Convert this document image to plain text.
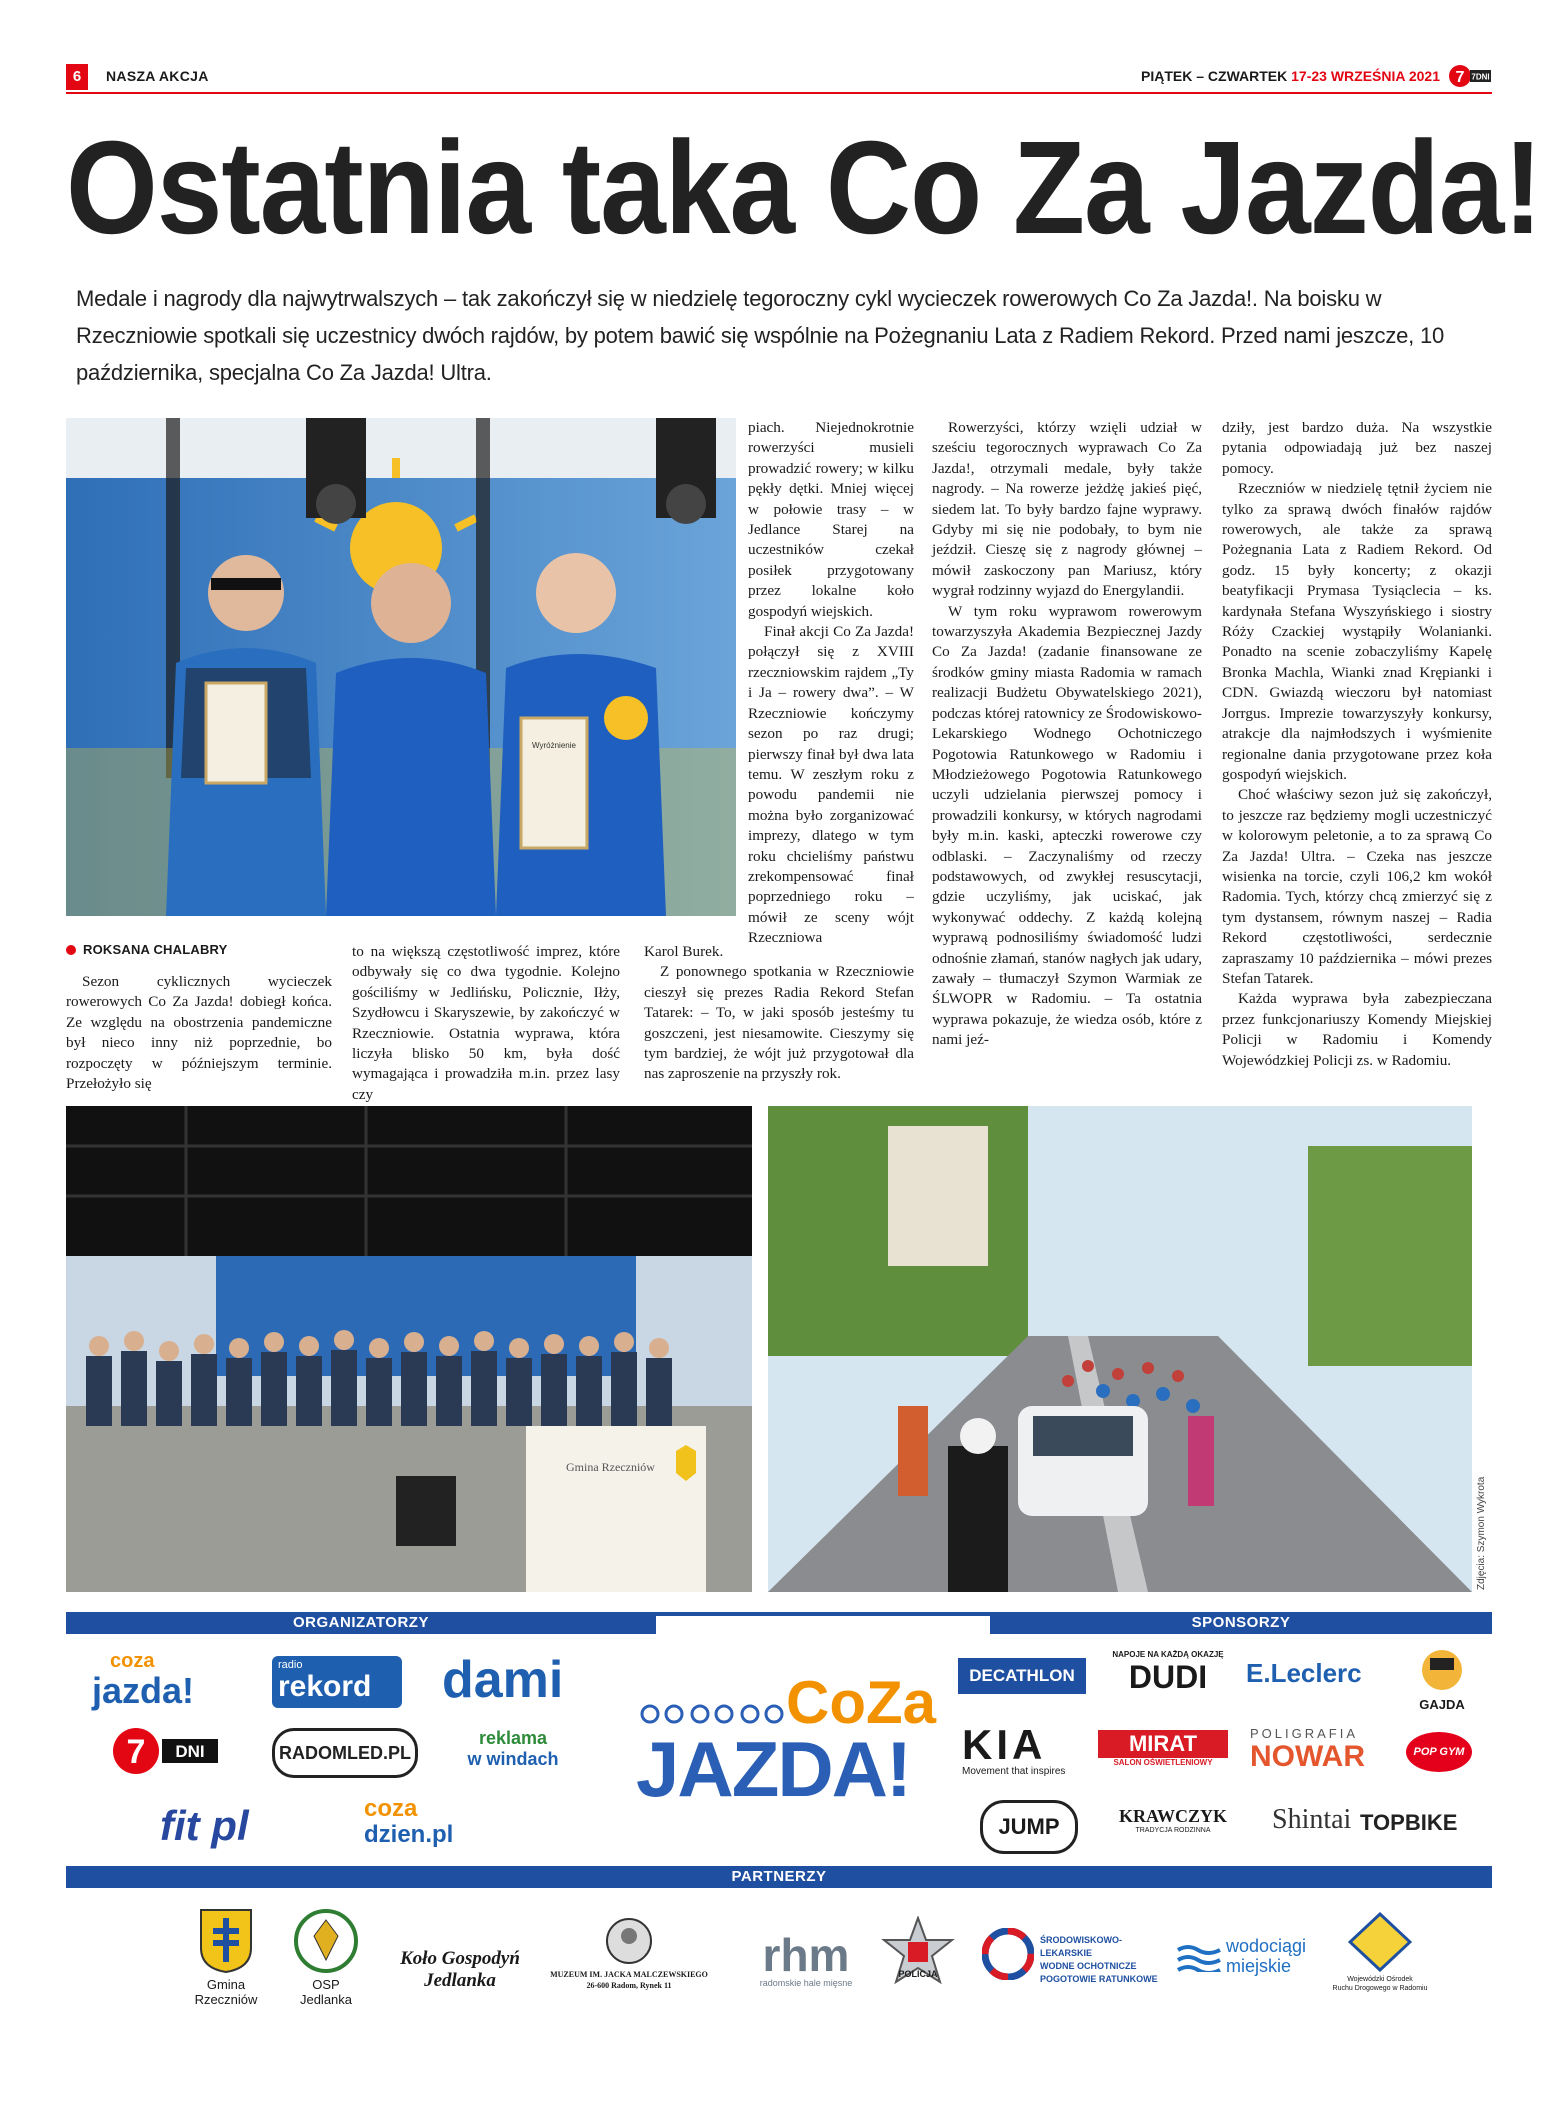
6	NASZA AKCJA	PIĄTEK – CZWARTEK 17-23 WRZEŚNIA 2021 7 7DNI
Ostatnia taka Co Za Jazda!
Medale i nagrody dla najwytrwalszych – tak zakończył się w niedzielę tegoroczny cykl wycieczek rowerowych Co Za Jazda!. Na boisku w Rzeczniowie spotkali się uczestnicy dwóch rajdów, by potem bawić się wspólnie na Pożegnaniu Lata z Radiem Rekord. Przed nami jeszcze, 10 października, specjalna Co Za Jazda! Ultra.
Wyróżnienie
ROKSANA CHALABRY

Sezon cyklicznych wycieczek rowerowych Co Za Jazda! dobiegł końca. Ze względu na obostrzenia pandemiczne był nieco inny niż poprzednie, bo rozpoczęty w późniejszym terminie. Przełożyło się

to na większą częstotliwość imprez, które odbywały się co dwa tygodnie. Kolejno gościliśmy w Jedlińsku, Policznie, Iłży, Szydłowcu i Skaryszewie, by zakończyć w Rzeczniowie. Ostatnia wyprawa, która liczyła blisko 50 km, była dość wymagająca i prowadziła m.in. przez lasy czy

piach. Niejednokrotnie rowerzyści musieli prowadzić rowery; w kilku pękły dętki. Mniej więcej w połowie trasy – w Jedlance Starej na uczestników czekał posiłek przygotowany przez lokalne koło gospodyń wiejskich.

Finał akcji Co Za Jazda! połączył się z XVIII rzeczniowskim rajdem „Ty i Ja – rowery dwa”. – W Rzeczniowie kończymy sezon po raz drugi; pierwszy finał był dwa lata temu. W zeszłym roku z powodu pandemii nie można było zorganizować imprezy, dlatego w tym roku chcieliśmy państwu zrekompensować finał poprzedniego roku – mówił ze sceny wójt Rzeczniowa

Karol Burek.

Z ponownego spotkania w Rzeczniowie cieszył się prezes Radia Rekord Stefan Tatarek: – To, w jaki sposób jesteśmy tu goszczeni, jest niesamowite. Cieszymy się tym bardziej, że wójt już przygotował dla nas zaproszenie na przyszły rok.

Rowerzyści, którzy wzięli udział w sześciu tegorocznych wyprawach Co Za Jazda!, otrzymali medale, były także nagrody. – Na rowerze jeżdżę jakieś pięć, siedem lat. To były bardzo fajne wyprawy. Gdyby mi się nie podobały, to bym nie jeździł. Cieszę się z nagrody głównej – mówił zaskoczony pan Mariusz, który wygrał rodzinny wyjazd do Energylandii.

W tym roku wyprawom rowerowym towarzyszyła Akademia Bezpiecznej Jazdy Co Za Jazda! (zadanie finansowane ze środków gminy miasta Radomia w ramach realizacji Budżetu Obywatelskiego 2021), podczas której ratownicy ze Środowiskowo-Lekarskiego Wodnego Ochotniczego Pogotowia Ratunkowego w Radomiu i Młodzieżowego Pogotowia Ratunkowego uczyli udzielania pierwszej pomocy i prowadzili konkursy, w których nagrodami były m.in. kaski, apteczki rowerowe czy odblaski. – Zaczynaliśmy od rzeczy podstawowych, od zwykłej resuscytacji, gdzie uczyliśmy, jak uciskać, jak wykonywać oddechy. Z każdą kolejną wyprawą podnosiliśmy świadomość ludzi odnośnie złamań, stanów nagłych jak udary, zawały – tłumaczył Szymon Warmiak ze ŚLWOPR w Radomiu. – Ta ostatnia wyprawa pokazuje, że wiedza osób, które z nami jeź-

dziły, jest bardzo duża. Na wszystkie pytania odpowiadają już bez naszej pomocy.

Rzeczniów w niedzielę tętnił życiem nie tylko za sprawą dwóch finałów rajdów rowerowych, ale także za sprawą Pożegnania Lata z Radiem Rekord. Od godz. 15 były koncerty; z okazji beatyfikacji Prymasa Tysiąclecia – ks. kardynała Stefana Wyszyńskiego i siostry Róży Czackiej wystąpiły Wolanianki. Ponadto na scenie zobaczyliśmy Kapelę Bronka Machla, Wianki znad Krępianki i CDN. Gwiazdą wieczoru był natomiast Jorrgus. Imprezie towarzyszyły konkursy, atrakcje dla najmłodszych i wyśmienite regionalne dania przygotowane przez koła gospodyń wiejskich.

Choć właściwy sezon już się zakończył, to jeszcze raz będziemy mogli uczestniczyć w kolorowym peletonie, a to za sprawą Co Za Jazda! Ultra. – Czeka nas jeszcze wisienka na torcie, czyli 106,2 km wokół Radomia. Tych, którzy chcą zmierzyć się z tym dystansem, równym naszej – Radia Rekord częstotliwości, serdecznie zapraszamy 10 października – mówi prezes Stefan Tatarek.

Każda wyprawa była zabezpieczana przez funkcjonariuszy Komendy Miejskiej Policji w Radomiu i Komendy Wojewódzkiej Policji zs. w Radomiu.

Gmina Rzeczniów
Zdjęcia: Szymon Wykrota
ORGANIZATORZY	SPONSORZY
coza
jazda!
radio
rekord dami
7 DNI	RADOMLED.PL
reklama
w windach
fit pl	coza
dzien.pl
CoZa
JAZDA!
DECATHLON
NAPOJE NA KAŻDĄ OKAZJĘ
DUDI	E.Leclerc
GAJDA
KIA
Movement that inspires
MIRAT
SALON OŚWIETLENIOWY
POLIGRAFIA
NOWAR	POP GYM
JUMP	KRAWCZYK
TRADYCJA RODZINNA	Shintai TOPBIKE
PARTNERZY
Gmina
Rzeczniów
OSP
Jedlanka
Koło Gospodyń
Jedlanka	MUZEUM IM. JACKA MALCZEWSKIEGO
26-600 Radom, Rynek 11
rhm
radomskie hale mięsne
POLICJA
ŚRODOWISKOWO-LEKARSKIE
WODNE OCHOTNICZE
POGOTOWIE RATUNKOWE
wodociągi
miejskie
Wojewódzki Ośrodek
Ruchu Drogowego w Radomiu
